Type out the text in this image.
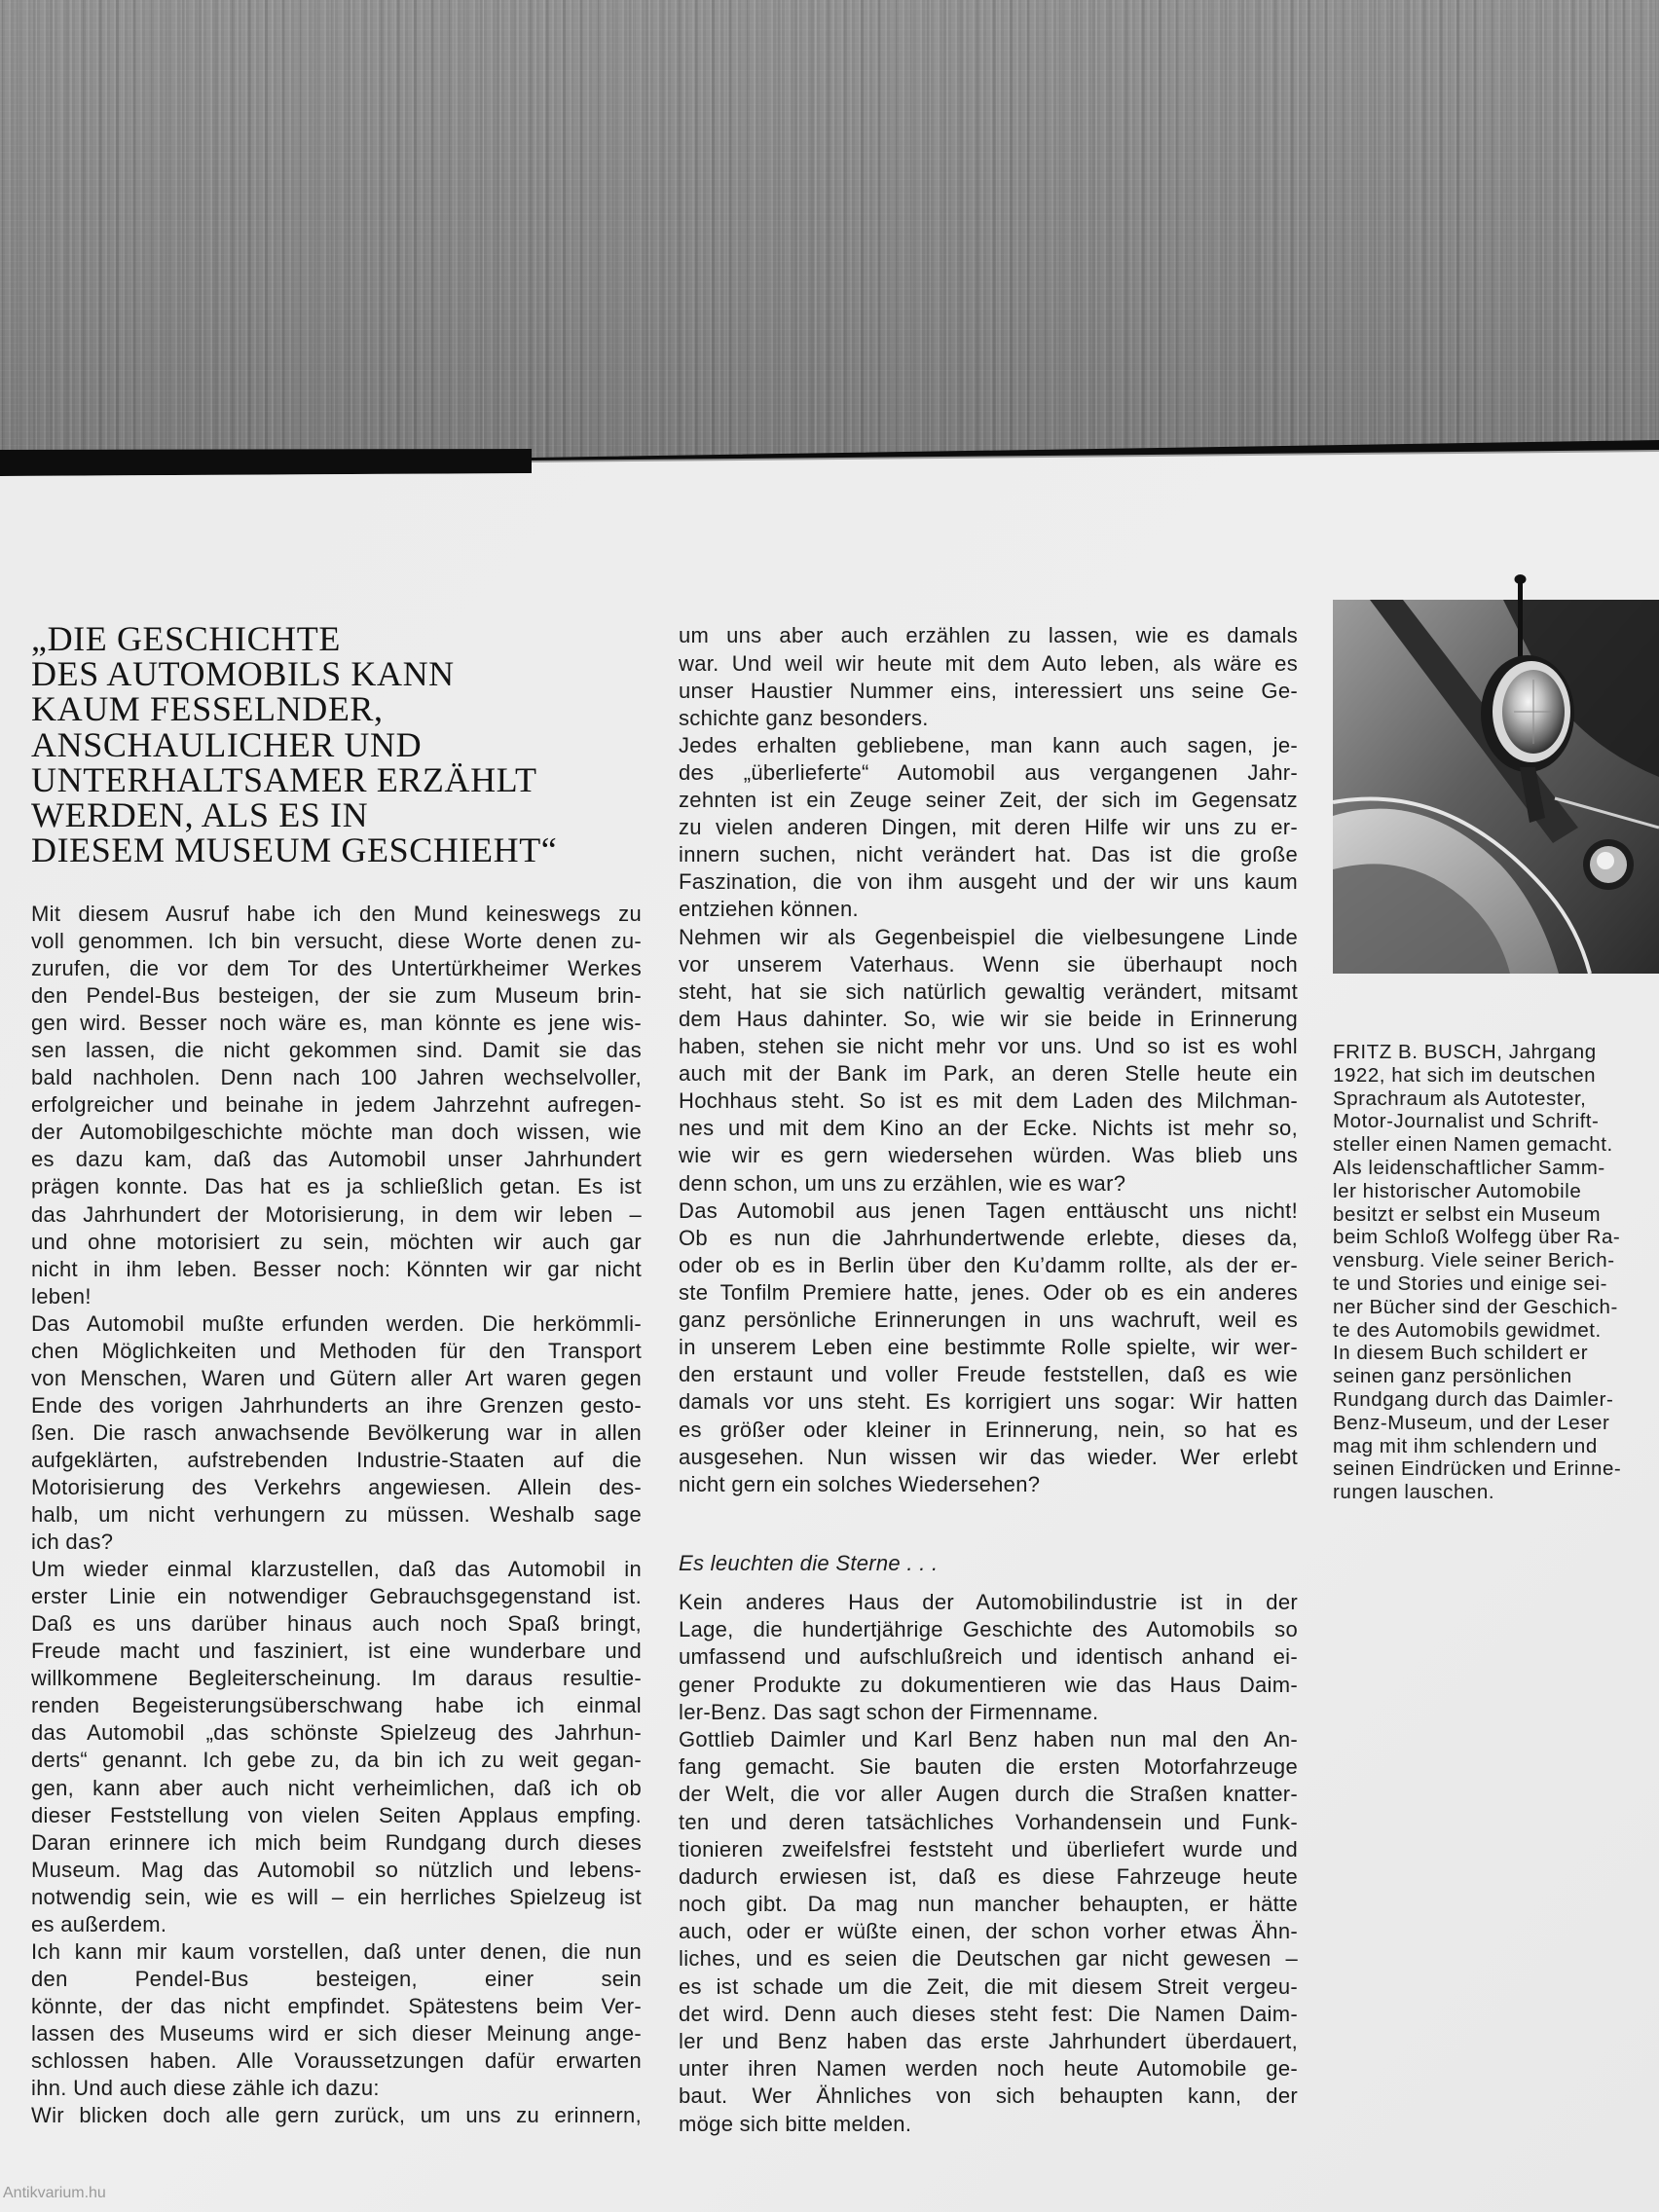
„DIE GESCHICHTE
DES AUTOMOBILS KANN
KAUM FESSELNDER,
ANSCHAULICHER UND
UNTERHALTSAMER ERZÄHLT
WERDEN, ALS ES IN
DIESEM MUSEUM GESCHIEHT“
Mit diesem Ausruf habe ich den Mund keineswegs zu
voll genommen. Ich bin versucht, diese Worte denen zu-
zurufen, die vor dem Tor des Untertürkheimer Werkes
den Pendel-Bus besteigen, der sie zum Museum brin-
gen wird. Besser noch wäre es, man könnte es jene wis-
sen lassen, die nicht gekommen sind. Damit sie das
bald nachholen. Denn nach 100 Jahren wechselvoller,
erfolgreicher und beinahe in jedem Jahrzehnt aufregen-
der Automobilgeschichte möchte man doch wissen, wie
es dazu kam, daß das Automobil unser Jahrhundert
prägen konnte. Das hat es ja schließlich getan. Es ist
das Jahrhundert der Motorisierung, in dem wir leben –
und ohne motorisiert zu sein, möchten wir auch gar
nicht in ihm leben. Besser noch: Könnten wir gar nicht
leben!
Das Automobil mußte erfunden werden. Die herkömmli-
chen Möglichkeiten und Methoden für den Transport
von Menschen, Waren und Gütern aller Art waren gegen
Ende des vorigen Jahrhunderts an ihre Grenzen gesto-
ßen. Die rasch anwachsende Bevölkerung war in allen
aufgeklärten, aufstrebenden Industrie-Staaten auf die
Motorisierung des Verkehrs angewiesen. Allein des-
halb, um nicht verhungern zu müssen. Weshalb sage
ich das?
Um wieder einmal klarzustellen, daß das Automobil in
erster Linie ein notwendiger Gebrauchsgegenstand ist.
Daß es uns darüber hinaus auch noch Spaß bringt,
Freude macht und fasziniert, ist eine wunderbare und
willkommene Begleiterscheinung. Im daraus resultie-
renden Begeisterungsüberschwang habe ich einmal
das Automobil „das schönste Spielzeug des Jahrhun-
derts“ genannt. Ich gebe zu, da bin ich zu weit gegan-
gen, kann aber auch nicht verheimlichen, daß ich ob
dieser Feststellung von vielen Seiten Applaus empfing.
Daran erinnere ich mich beim Rundgang durch dieses
Museum. Mag das Automobil so nützlich und lebens-
notwendig sein, wie es will – ein herrliches Spielzeug ist
es außerdem.
Ich kann mir kaum vorstellen, daß unter denen, die nun
den Pendel-Bus besteigen, einer sein
könnte, der das nicht empfindet. Spätestens beim Ver-
lassen des Museums wird er sich dieser Meinung ange-
schlossen haben. Alle Voraussetzungen dafür erwarten
ihn. Und auch diese zähle ich dazu:
Wir blicken doch alle gern zurück, um uns zu erinnern,
um uns aber auch erzählen zu lassen, wie es damals
war. Und weil wir heute mit dem Auto leben, als wäre es
unser Haustier Nummer eins, interessiert uns seine Ge-
schichte ganz besonders.
Jedes erhalten gebliebene, man kann auch sagen, je-
des „überlieferte“ Automobil aus vergangenen Jahr-
zehnten ist ein Zeuge seiner Zeit, der sich im Gegensatz
zu vielen anderen Dingen, mit deren Hilfe wir uns zu er-
innern suchen, nicht verändert hat. Das ist die große
Faszination, die von ihm ausgeht und der wir uns kaum
entziehen können.
Nehmen wir als Gegenbeispiel die vielbesungene Linde
vor unserem Vaterhaus. Wenn sie überhaupt noch
steht, hat sie sich natürlich gewaltig verändert, mitsamt
dem Haus dahinter. So, wie wir sie beide in Erinnerung
haben, stehen sie nicht mehr vor uns. Und so ist es wohl
auch mit der Bank im Park, an deren Stelle heute ein
Hochhaus steht. So ist es mit dem Laden des Milchman-
nes und mit dem Kino an der Ecke. Nichts ist mehr so,
wie wir es gern wiedersehen würden. Was blieb uns
denn schon, um uns zu erzählen, wie es war?
Das Automobil aus jenen Tagen enttäuscht uns nicht!
Ob es nun die Jahrhundertwende erlebte, dieses da,
oder ob es in Berlin über den Ku’damm rollte, als der er-
ste Tonfilm Premiere hatte, jenes. Oder ob es ein anderes
ganz persönliche Erinnerungen in uns wachruft, weil es
in unserem Leben eine bestimmte Rolle spielte, wir wer-
den erstaunt und voller Freude feststellen, daß es wie
damals vor uns steht. Es korrigiert uns sogar: Wir hatten
es größer oder kleiner in Erinnerung, nein, so hat es
ausgesehen. Nun wissen wir das wieder. Wer erlebt
nicht gern ein solches Wiedersehen?
Es leuchten die Sterne . . .
Kein anderes Haus der Automobilindustrie ist in der
Lage, die hundertjährige Geschichte des Automobils so
umfassend und aufschlußreich und identisch anhand ei-
gener Produkte zu dokumentieren wie das Haus Daim-
ler-Benz. Das sagt schon der Firmenname.
Gottlieb Daimler und Karl Benz haben nun mal den An-
fang gemacht. Sie bauten die ersten Motorfahrzeuge
der Welt, die vor aller Augen durch die Straßen knatter-
ten und deren tatsächliches Vorhandensein und Funk-
tionieren zweifelsfrei feststeht und überliefert wurde und
dadurch erwiesen ist, daß es diese Fahrzeuge heute
noch gibt. Da mag nun mancher behaupten, er hätte
auch, oder er wüßte einen, der schon vorher etwas Ähn-
liches, und es seien die Deutschen gar nicht gewesen –
es ist schade um die Zeit, die mit diesem Streit vergeu-
det wird. Denn auch dieses steht fest: Die Namen Daim-
ler und Benz haben das erste Jahrhundert überdauert,
unter ihren Namen werden noch heute Automobile ge-
baut. Wer Ähnliches von sich behaupten kann, der
möge sich bitte melden.
FRITZ B. BUSCH, Jahrgang
1922, hat sich im deutschen
Sprachraum als Autotester,
Motor-Journalist und Schrift-
steller einen Namen gemacht.
Als leidenschaftlicher Samm-
ler historischer Automobile
besitzt er selbst ein Museum
beim Schloß Wolfegg über Ra-
vensburg. Viele seiner Berich-
te und Stories und einige sei-
ner Bücher sind der Geschich-
te des Automobils gewidmet.
In diesem Buch schildert er
seinen ganz persönlichen
Rundgang durch das Daimler-
Benz-Museum, und der Leser
mag mit ihm schlendern und
seinen Eindrücken und Erinne-
rungen lauschen.
Antikvarium.hu
